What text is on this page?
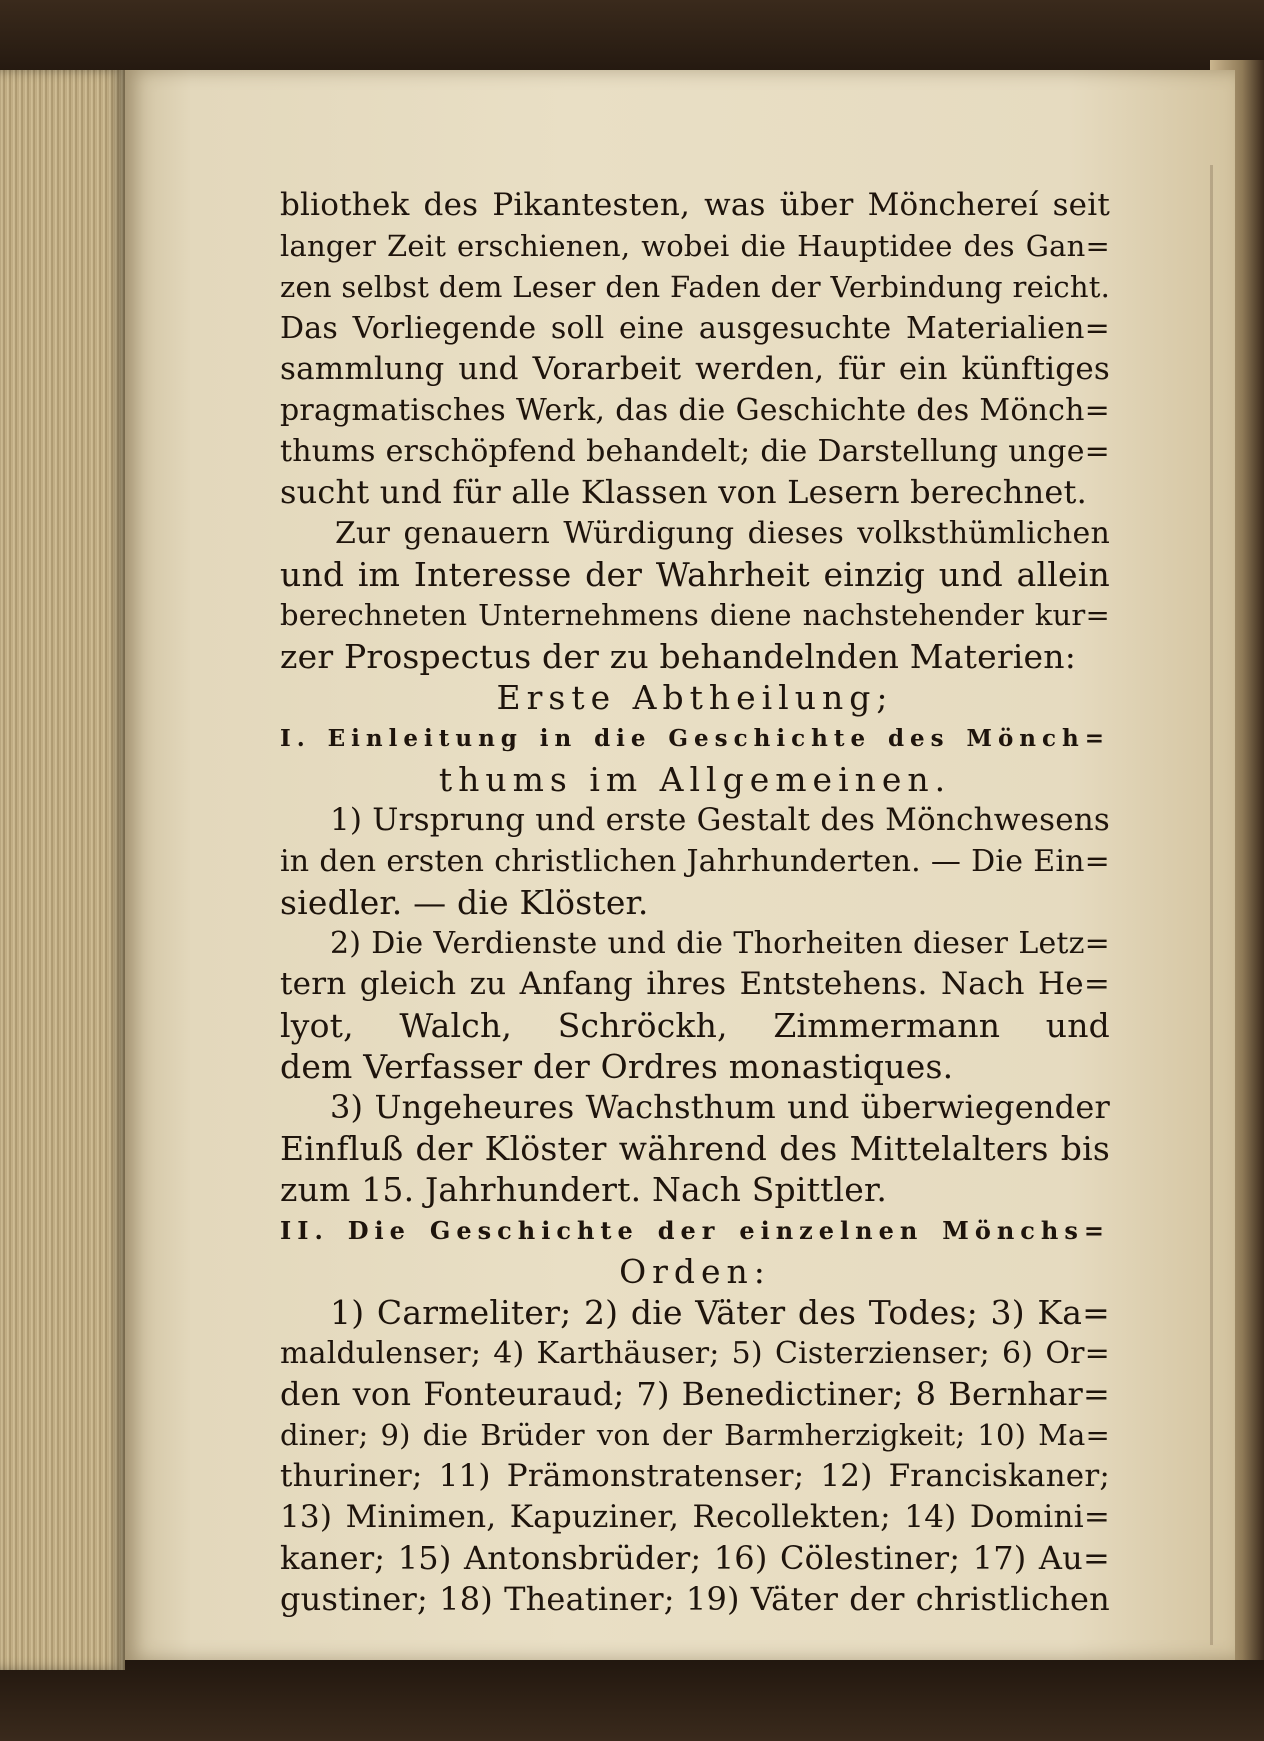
bliothek des Pikantesten, was über Mönchereí seit
langer Zeit erschienen, wobei die Hauptidee des Gan=
zen selbst dem Leser den Faden der Verbindung reicht.
Das Vorliegende soll eine ausgesuchte Materialien=
sammlung und Vorarbeit werden, für ein künftiges
pragmatisches Werk, das die Geschichte des Mönch=
thums erschöpfend behandelt; die Darstellung unge=
sucht und für alle Klassen von Lesern berechnet.
Zur genauern Würdigung dieses volksthümlichen
und im Interesse der Wahrheit einzig und allein
berechneten Unternehmens diene nachstehender kur=
zer Prospectus der zu behandelnden Materien:
Erste Abtheilung;
I. Einleitung in die Geschichte des Mönch=
thums im Allgemeinen.
1) Ursprung und erste Gestalt des Mönchwesens
in den ersten christlichen Jahrhunderten. — Die Ein=
siedler. — die Klöster.
2) Die Verdienste und die Thorheiten dieser Letz=
tern gleich zu Anfang ihres Entstehens. Nach He=
lyot, Walch, Schröckh, Zimmermann und
dem Verfasser der Ordres monastiques.
3) Ungeheures Wachsthum und überwiegender
Einfluß der Klöster während des Mittelalters bis
zum 15. Jahrhundert. Nach Spittler.
II. Die Geschichte der einzelnen Mönchs=
Orden:
1) Carmeliter; 2) die Väter des Todes; 3) Ka=
maldulenser; 4) Karthäuser; 5) Cisterzienser; 6) Or=
den von Fonteuraud; 7) Benedictiner; 8 Bernhar=
diner; 9) die Brüder von der Barmherzigkeit; 10) Ma=
thuriner; 11) Prämonstratenser; 12) Franciskaner;
13) Minimen, Kapuziner, Recollekten; 14) Domini=
kaner; 15) Antonsbrüder; 16) Cölestiner; 17) Au=
gustiner; 18) Theatiner; 19) Väter der christlichen
